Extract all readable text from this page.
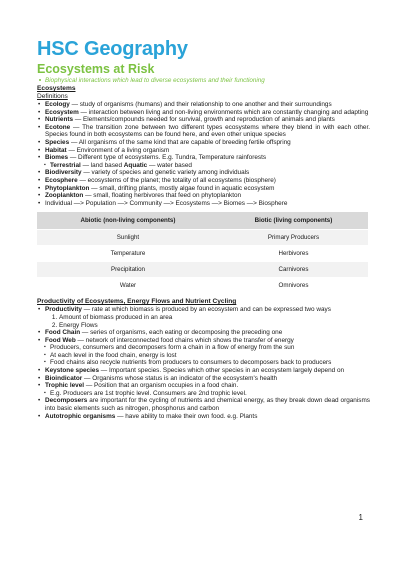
HSC Geography
Ecosystems at Risk
Biophysical interactions which lead to diverse ecosystems and their functioning
Ecosystems
Definitions
• Ecology — study of organisms (humans) and their relationship to one another and their surroundings
• Ecosystem — interaction between living and non-living environments which are constantly changing and adapting
• Nutrients — Elements/compounds needed for survival, growth and reproduction of animals and plants
• Ecotone — The transition zone between two different types ecosystems where they blend in with each other. Species found in both ecosystems can be found here, and even other unique species
• Species — All organisms of the same kind that are capable of breeding fertile offspring
• Habitat — Environment of a living organism
• Biomes — Different type of ecosystems. E.g. Tundra, Temperature rainforests
▪ Terrestrial — land based Aquatic — water based
• Biodiversity — variety of species and genetic variety among individuals
• Ecosphere — ecosystems of the planet; the totality of all ecosystems (biosphere)
• Phytoplankton — small, drifting plants, mostly algae found in aquatic ecosystem
• Zooplankton — small, floating herbivores that feed on phytoplankton
• Individual —> Population —> Community —> Ecosystems —> Biomes —> Biosphere
Abiotic (non-living components)	Biotic (living components)
Sunlight	Primary Producers
Temperature	Herbivores
Precipitation	Carnivores
Water	Omnivores
Productivity of Ecosystems, Energy Flows and Nutrient Cycling
• Productivity — rate at which biomass is produced by an ecosystem and can be expressed two ways
1. Amount of biomass produced in an area
2. Energy Flows
• Food Chain — series of organisms, each eating or decomposing the preceding one
• Food Web — network of interconnected food chains which shows the transfer of energy
▪ Producers, consumers and decomposers form a chain in a flow of energy from the sun
▪ At each level in the food chain, energy is lost
▪ Food chains also recycle nutrients from producers to consumers to decomposers back to producers
• Keystone species — Important species. Species which other species in an ecosystem largely depend on
• Bioindicator — Organisms whose status is an indicator of the ecosystem's health
• Trophic level — Position that an organism occupies in a food chain.
▪ E.g. Producers are 1st trophic level. Consumers are 2nd trophic level.
• Decomposers are important for the cycling of nutrients and chemical energy, as they break down dead organisms into basic elements such as nitrogen, phosphorus and carbon
• Autotrophic organisms — have ability to make their own food. e.g. Plants
1
